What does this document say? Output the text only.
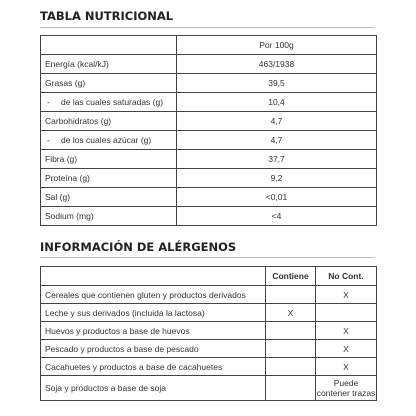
TABLA NUTRICIONAL
	Por 100g
Energía (kcal/kJ)	463/1938
Grasas (g)	39,5
- de las cuales saturadas (g)	10,4
Carbohidratos (g)	4,7
- de los cuales azúcar (g)	4,7
Fibra (g)	37,7
Proteína (g)	9,2
Sal (g)	<0,01
Sodium (mg)	<4
INFORMACIÓN DE ALÉRGENOS
	Contiene	No Cont.
Cereales que contienen gluten y productos derivados		X
Leche y sus derivados (incluida la lactosa)	X	
Huevos y productos a base de huevos		X
Pescado y productos a base de pescado		X
Cacahuetes y productos a base de cacahuetes		X
Soja y productos a base de soja		Puede contener trazas
